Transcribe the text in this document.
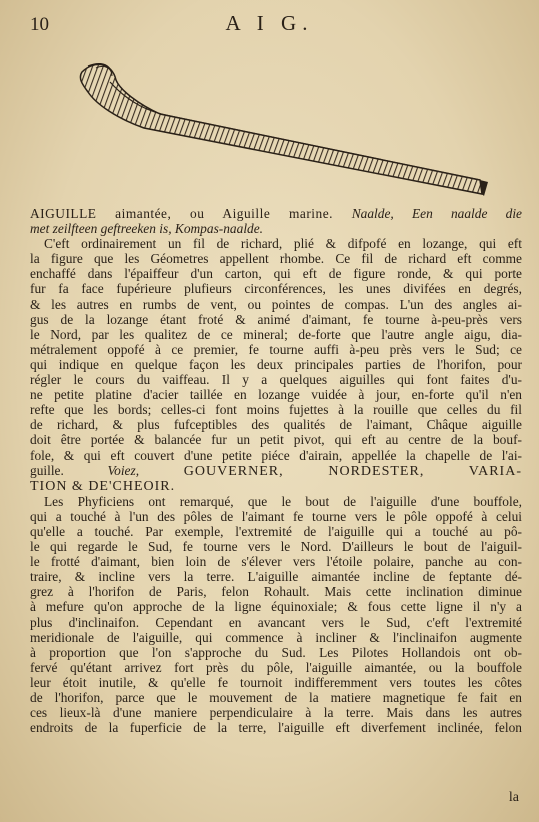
10	A I G.
AIGUILLE aimantée, ou Aiguille marine. Naalde, Een naalde die
met zeilfteen geftreeken is, Kompas-naalde.
C'eft ordinairement un fil de richard, plié & difpofé en lozange, qui eft
la figure que les Géometres appellent rhombe. Ce fil de richard eft comme
enchaffé dans l'épaiffeur d'un carton, qui eft de figure ronde, & qui porte
fur fa face fupérieure plufieurs circonférences, les unes divifées en degrés,
& les autres en rumbs de vent, ou pointes de compas. L'un des angles ai-
gus de la lozange étant froté & animé d'aimant, fe tourne à-peu-près vers
le Nord, par les qualitez de ce mineral; de-forte que l'autre angle aigu, dia-
métralement oppofé à ce premier, fe tourne auffi à-peu près vers le Sud; ce
qui indique en quelque façon les deux principales parties de l'horifon, pour
régler le cours du vaiffeau. Il y a quelques aiguilles qui font faites d'u-
ne petite platine d'acier taillée en lozange vuidée à jour, en-forte qu'il n'en
refte que les bords; celles-ci font moins fujettes à la rouille que celles du fil
de richard, & plus fufceptibles des qualités de l'aimant, Châque aiguille
doit être portée & balancée fur un petit pivot, qui eft au centre de la bouf-
fole, & qui eft couvert d'une petite piéce d'airain, appellée la chapelle de l'ai-
guille. Voiez, GOUVERNER, NORDESTER, VARIA-
TION & DE'CHEOIR.
Les Phyficiens ont remarqué, que le bout de l'aiguille d'une bouffole,
qui a touché à l'un des pôles de l'aimant fe tourne vers le pôle oppofé à celui
qu'elle a touché. Par exemple, l'extremité de l'aiguille qui a touché au pô-
le qui regarde le Sud, fe tourne vers le Nord. D'ailleurs le bout de l'aiguil-
le frotté d'aimant, bien loin de s'élever vers l'étoile polaire, panche au con-
traire, & incline vers la terre. L'aiguille aimantée incline de feptante dé-
grez à l'horifon de Paris, felon Rohault. Mais cette inclination diminue
à mefure qu'on approche de la ligne équinoxiale; & fous cette ligne il n'y a
plus d'inclinaifon. Cependant en avancant vers le Sud, c'eft l'extremité
meridionale de l'aiguille, qui commence à incliner & l'inclinaifon augmente
à proportion que l'on s'approche du Sud. Les Pilotes Hollandois ont ob-
fervé qu'étant arrivez fort près du pôle, l'aiguille aimantée, ou la bouffole
leur étoit inutile, & qu'elle fe tournoit indifferemment vers toutes les côtes
de l'horifon, parce que le mouvement de la matiere magnetique fe fait en
ces lieux-là d'une maniere perpendiculaire à la terre. Mais dans les autres
endroits de la fuperficie de la terre, l'aiguille eft diverfement inclinée, felon
la
